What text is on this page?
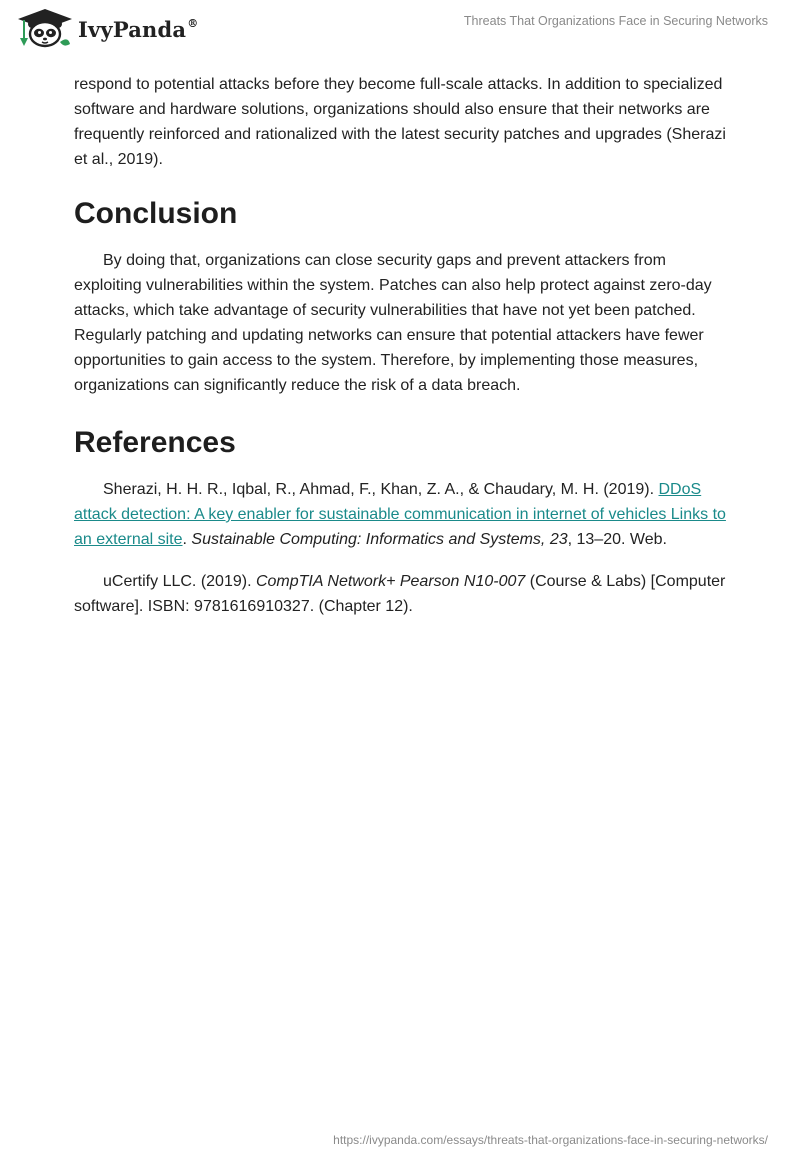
IvyPanda®	Threats That Organizations Face in Securing Networks

respond to potential attacks before they become full-scale attacks. In addition to specialized software and hardware solutions, organizations should also ensure that their networks are frequently reinforced and rationalized with the latest security patches and upgrades (Sherazi et al., 2019).

Conclusion

By doing that, organizations can close security gaps and prevent attackers from exploiting vulnerabilities within the system. Patches can also help protect against zero-day attacks, which take advantage of security vulnerabilities that have not yet been patched. Regularly patching and updating networks can ensure that potential attackers have fewer opportunities to gain access to the system. Therefore, by implementing those measures, organizations can significantly reduce the risk of a data breach.

References

Sherazi, H. H. R., Iqbal, R., Ahmad, F., Khan, Z. A., & Chaudary, M. H. (2019). DDoS attack detection: A key enabler for sustainable communication in internet of vehicles Links to an external site. Sustainable Computing: Informatics and Systems, 23, 13–20. Web.

uCertify LLC. (2019). CompTIA Network+ Pearson N10-007 (Course & Labs) [Computer software]. ISBN: 9781616910327. (Chapter 12).

https://ivypanda.com/essays/threats-that-organizations-face-in-securing-networks/
